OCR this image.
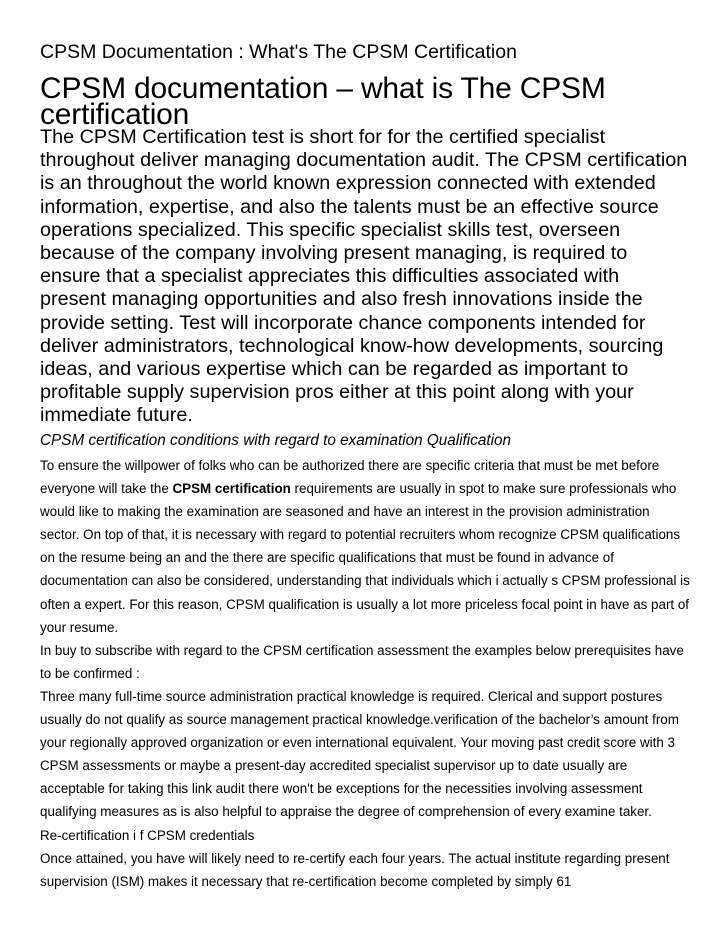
CPSM Documentation : What's The CPSM Certification
CPSM documentation – what is The CPSM certification
The CPSM Certification test is short for for the certified specialist throughout deliver managing documentation audit. The CPSM certification is an throughout the world known expression connected with extended information, expertise, and also the talents must be an effective source operations specialized. This specific specialist skills test, overseen because of the company involving present managing, is required to ensure that a specialist appreciates this difficulties associated with present managing opportunities and also fresh innovations inside the provide setting. Test will incorporate chance components intended for deliver administrators, technological know-how developments, sourcing ideas, and various expertise which can be regarded as important to profitable supply supervision pros either at this point along with your immediate future.
CPSM certification conditions with regard to examination Qualification

To ensure the willpower of folks who can be authorized there are specific criteria that must be met before everyone will take the CPSM certification requirements are usually in spot to make sure professionals who would like to making the examination are seasoned and have an interest in the provision administration sector. On top of that, it is necessary with regard to potential recruiters whom recognize CPSM qualifications on the resume being an and the there are specific qualifications that must be found in advance of documentation can also be considered, understanding that individuals which i actually s CPSM professional is often a expert. For this reason, CPSM qualification is usually a lot more priceless focal point in have as part of your resume.

In buy to subscribe with regard to the CPSM certification assessment the examples below prerequisites have to be confirmed :

Three many full-time source administration practical knowledge is required. Clerical and support postures usually do not qualify as source management practical knowledge.verification of the bachelor’s amount from your regionally approved organization or even international equivalent. Your moving past credit score with 3 CPSM assessments or maybe a present-day accredited specialist supervisor up to date usually are acceptable for taking this link audit there won't be exceptions for the necessities involving assessment qualifying measures as is also helpful to appraise the degree of comprehension of every examine taker.

Re-certification i f CPSM credentials

Once attained, you have will likely need to re-certify each four years. The actual institute regarding present supervision (ISM) makes it necessary that re-certification become completed by simply 61
